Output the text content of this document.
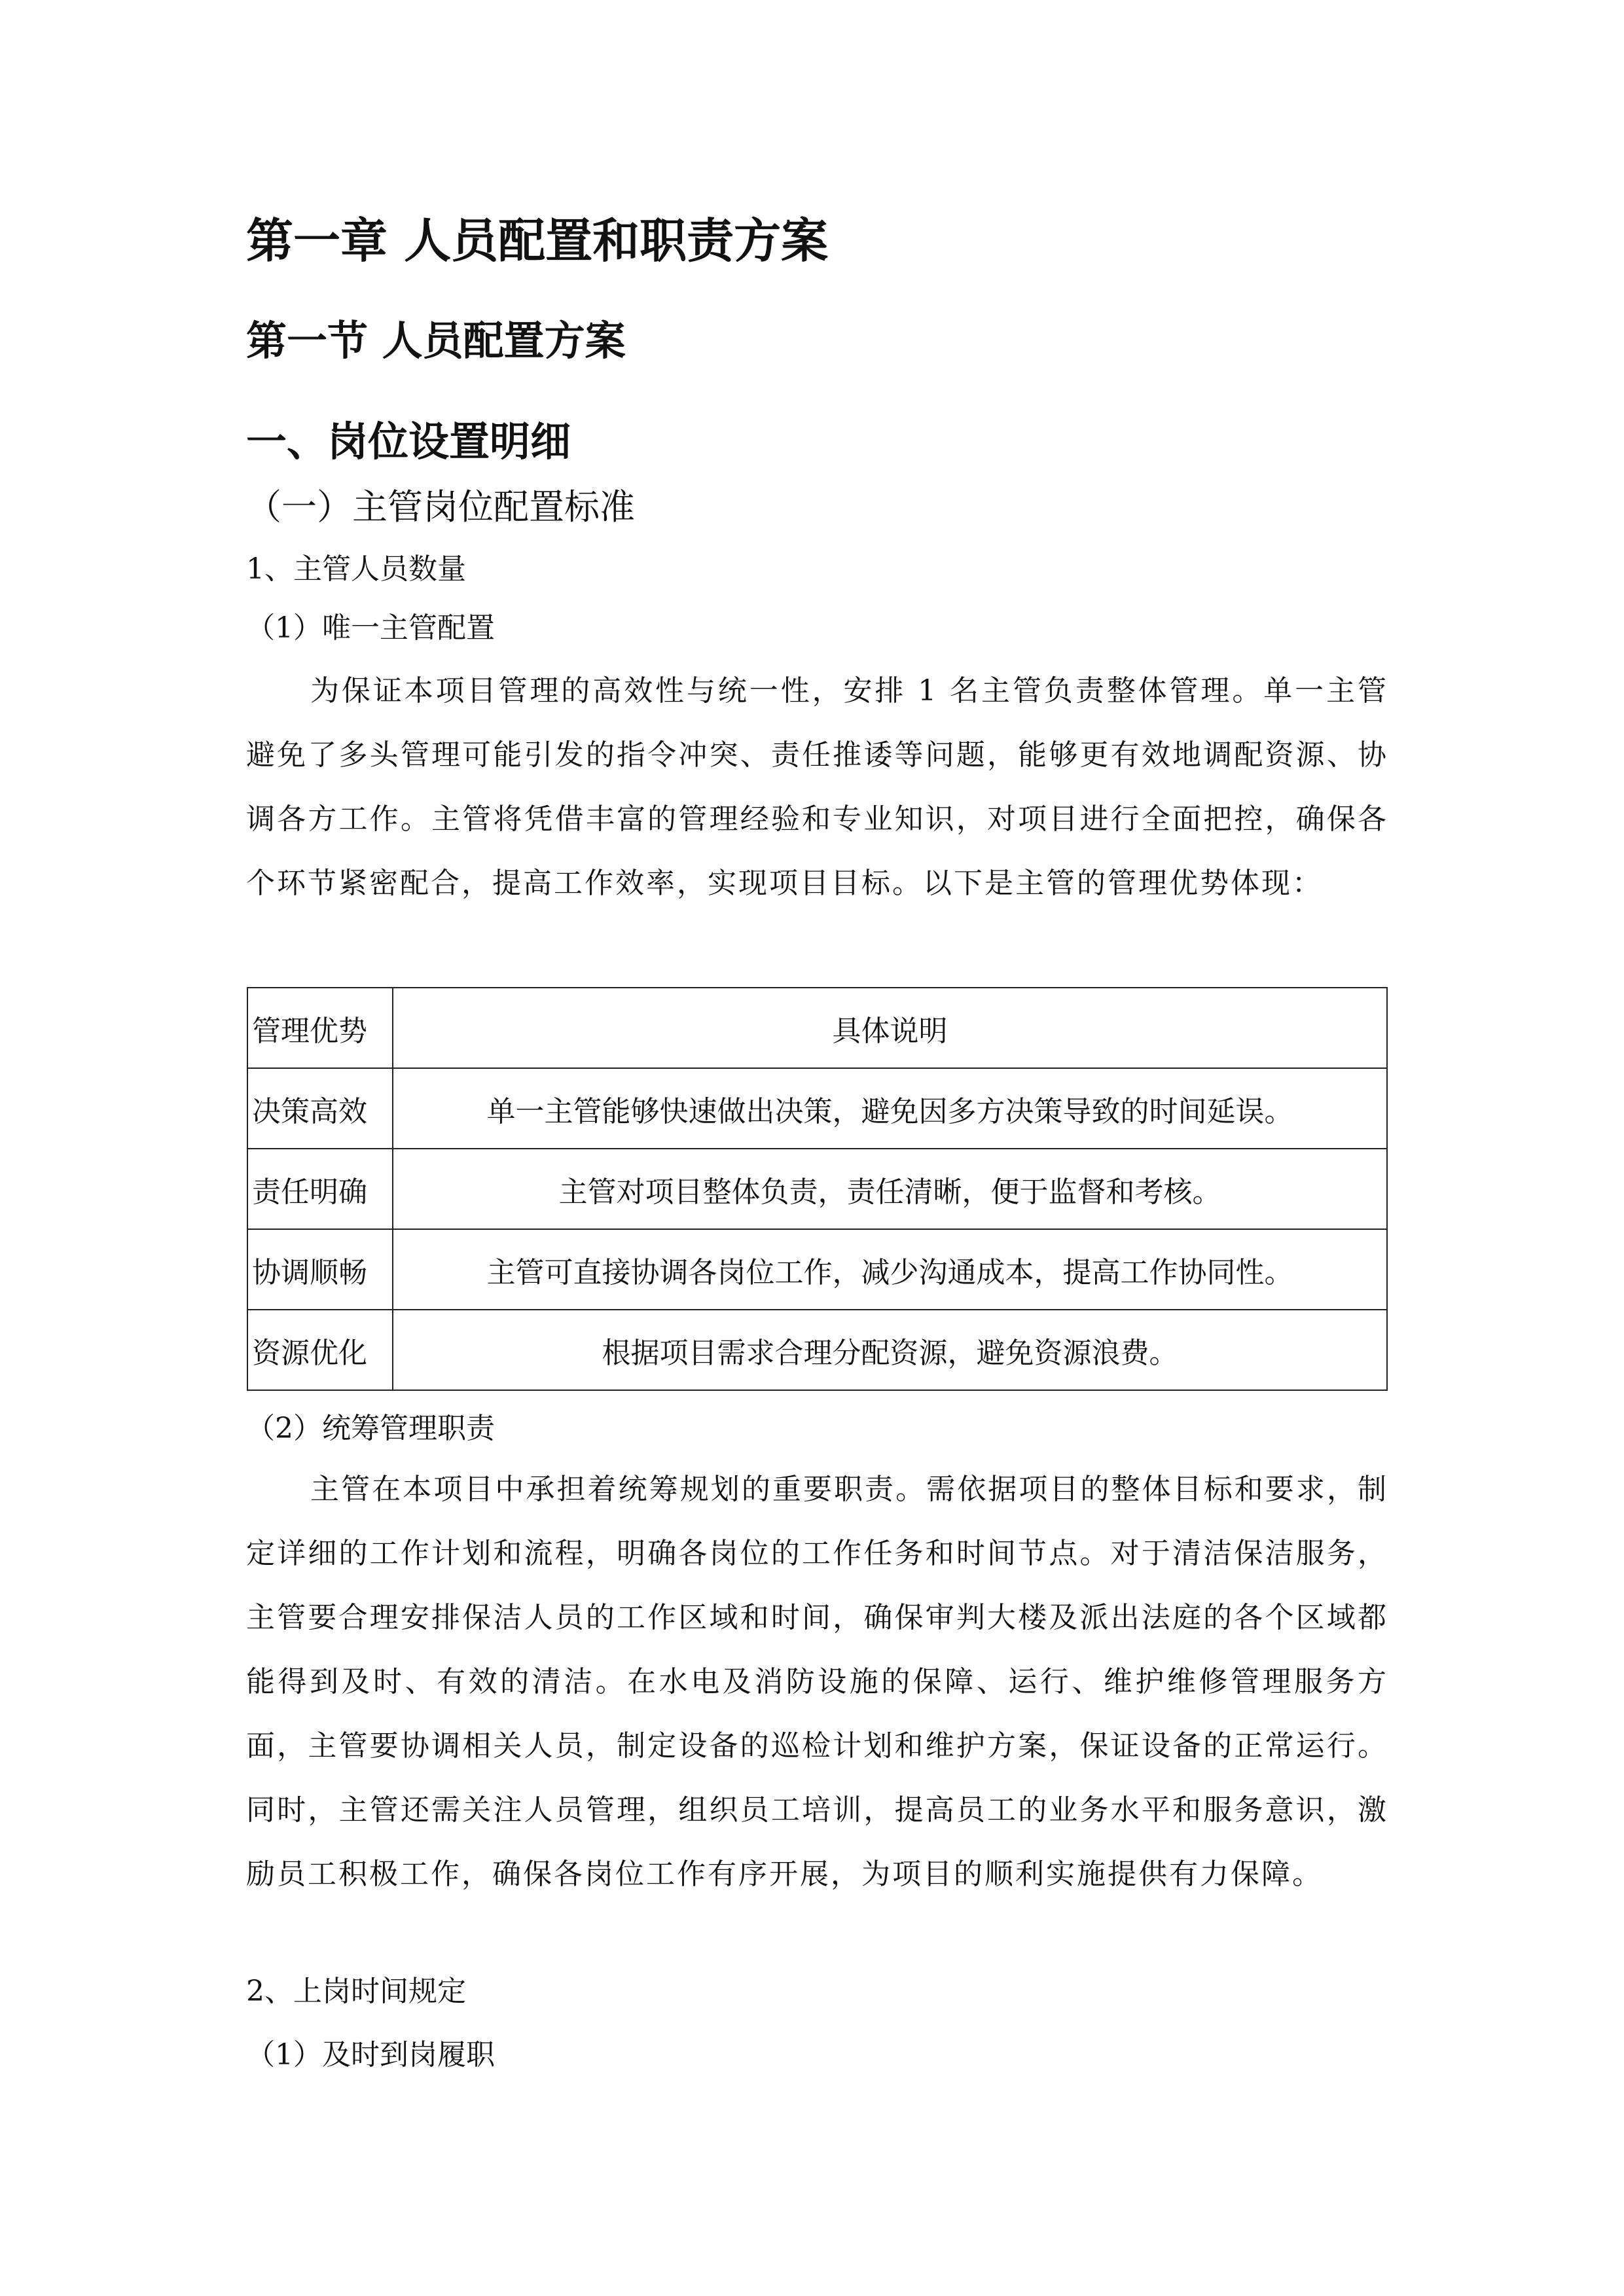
第一章 人员配置和职责方案
第一节 人员配置方案
一、岗位设置明细
（一）主管岗位配置标准
1、主管人员数量
（1）唯一主管配置

为保证本项目管理的高效性与统一性，安排 1 名主管负责整体管理。单一主管避免了多头管理可能引发的指令冲突、责任推诿等问题，能够更有效地调配资源、协调各方工作。主管将凭借丰富的管理经验和专业知识，对项目进行全面把控，确保各个环节紧密配合，提高工作效率，实现项目目标。以下是主管的管理优势体现：

管理优势	具体说明
决策高效	单一主管能够快速做出决策，避免因多方决策导致的时间延误。
责任明确	主管对项目整体负责，责任清晰，便于监督和考核。
协调顺畅	主管可直接协调各岗位工作，减少沟通成本，提高工作协同性。
资源优化	根据项目需求合理分配资源，避免资源浪费。
（2）统筹管理职责

主管在本项目中承担着统筹规划的重要职责。需依据项目的整体目标和要求，制定详细的工作计划和流程，明确各岗位的工作任务和时间节点。对于清洁保洁服务，主管要合理安排保洁人员的工作区域和时间，确保审判大楼及派出法庭的各个区域都能得到及时、有效的清洁。在水电及消防设施的保障、运行、维护维修管理服务方面，主管要协调相关人员，制定设备的巡检计划和维护方案，保证设备的正常运行。同时，主管还需关注人员管理，组织员工培训，提高员工的业务水平和服务意识，激励员工积极工作，确保各岗位工作有序开展，为项目的顺利实施提供有力保障。

2、上岗时间规定
（1）及时到岗履职
